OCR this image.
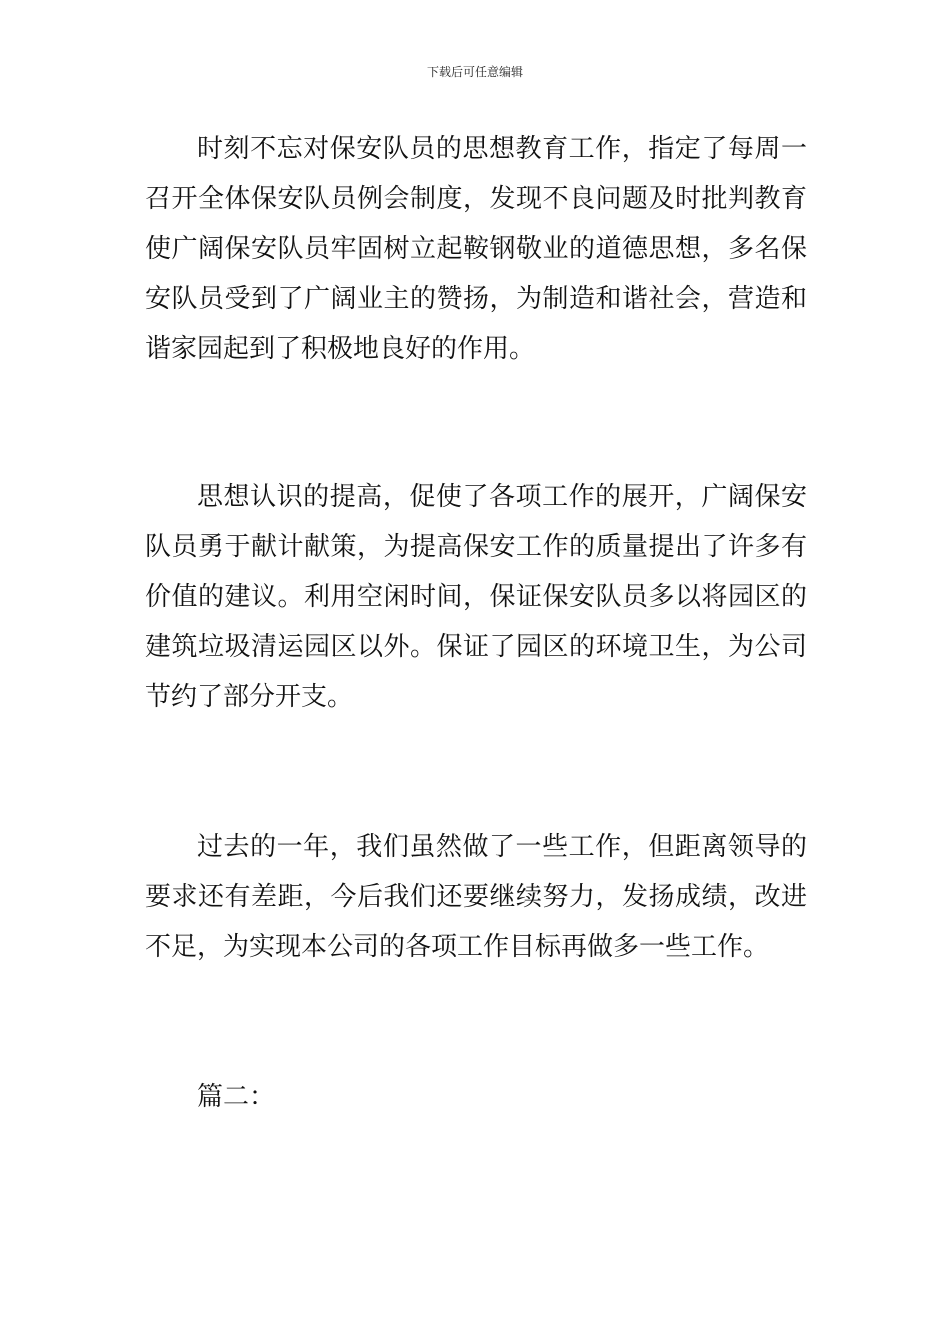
下载后可任意编辑

时刻不忘对保安队员的思想教育工作，指定了每周一召开全体保安队员例会制度，发现不良问题及时批判教育使广阔保安队员牢固树立起鞍钢敬业的道德思想，多名保安队员受到了广阔业主的赞扬，为制造和谐社会，营造和谐家园起到了积极地良好的作用。

思想认识的提高，促使了各项工作的展开，广阔保安队员勇于献计献策，为提高保安工作的质量提出了许多有价值的建议。利用空闲时间，保证保安队员多以将园区的建筑垃圾清运园区以外。保证了园区的环境卫生，为公司节约了部分开支。

过去的一年，我们虽然做了一些工作，但距离领导的要求还有差距，今后我们还要继续努力，发扬成绩，改进不足，为实现本公司的各项工作目标再做多一些工作。

篇二：
